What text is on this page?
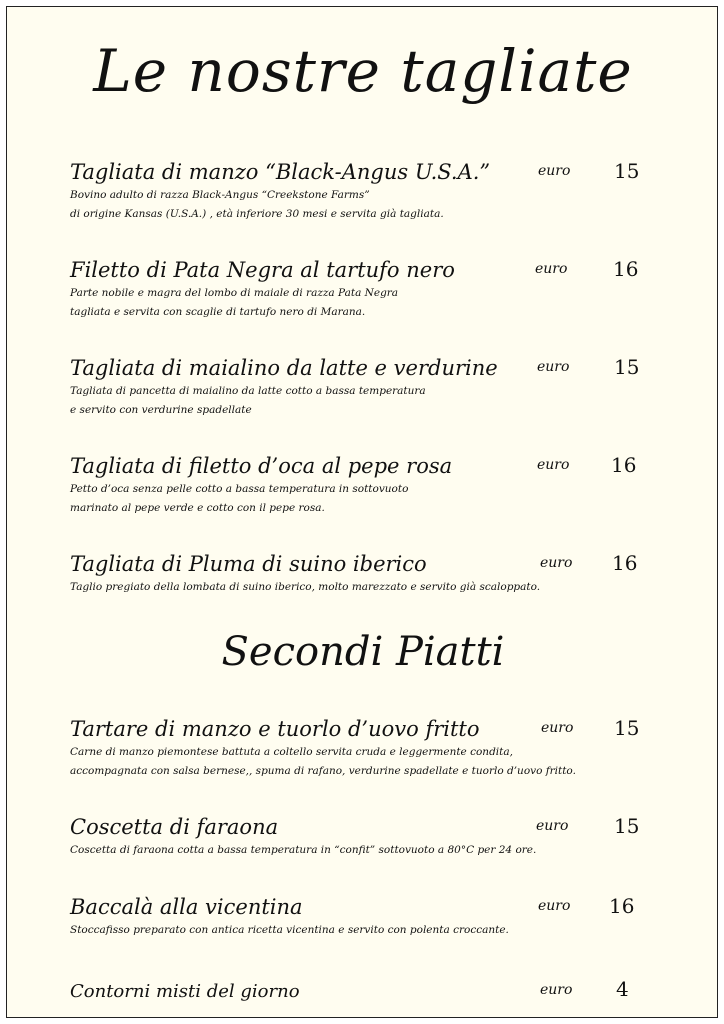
Le nostre tagliate
Tagliata di manzo “Black-Angus U.S.A.”
Bovino adulto di razza Black-Angus “Creekstone Farms”
di origine Kansas (U.S.A.) , età inferiore 30 mesi e servita già tagliata.
euro 15
Filetto di Pata Negra al tartufo nero
Parte nobile e magra del lombo di maiale di razza Pata Negra
tagliata e servita con scaglie di tartufo nero di Marana.
euro 16
Tagliata di maialino da latte e verdurine
Tagliata di pancetta di maialino da latte cotto a bassa temperatura
e servito con verdurine spadellate
euro 15
Tagliata di filetto d’oca al pepe rosa
Petto d’oca senza pelle cotto a bassa temperatura in sottovuoto
marinato al pepe verde e cotto con il pepe rosa.
euro 16
Tagliata di Pluma di suino iberico
Taglio pregiato della lombata di suino iberico, molto marezzato e servito già scaloppato.
euro 16
Secondi Piatti
Tartare di manzo e tuorlo d’uovo fritto
Carne di manzo piemontese battuta a coltello servita cruda e leggermente condita,
accompagnata con salsa bernese,, spuma di rafano, verdurine spadellate e tuorlo d’uovo fritto.
euro 15
Coscetta di faraona
Coscetta di faraona cotta a bassa temperatura in “confit” sottovuoto a 80°C per 24 ore.
euro 15
Baccalà alla vicentina
Stoccafisso preparato con antica ricetta vicentina e servito con polenta croccante.
euro 16
Contorni misti del giorno	euro 4
